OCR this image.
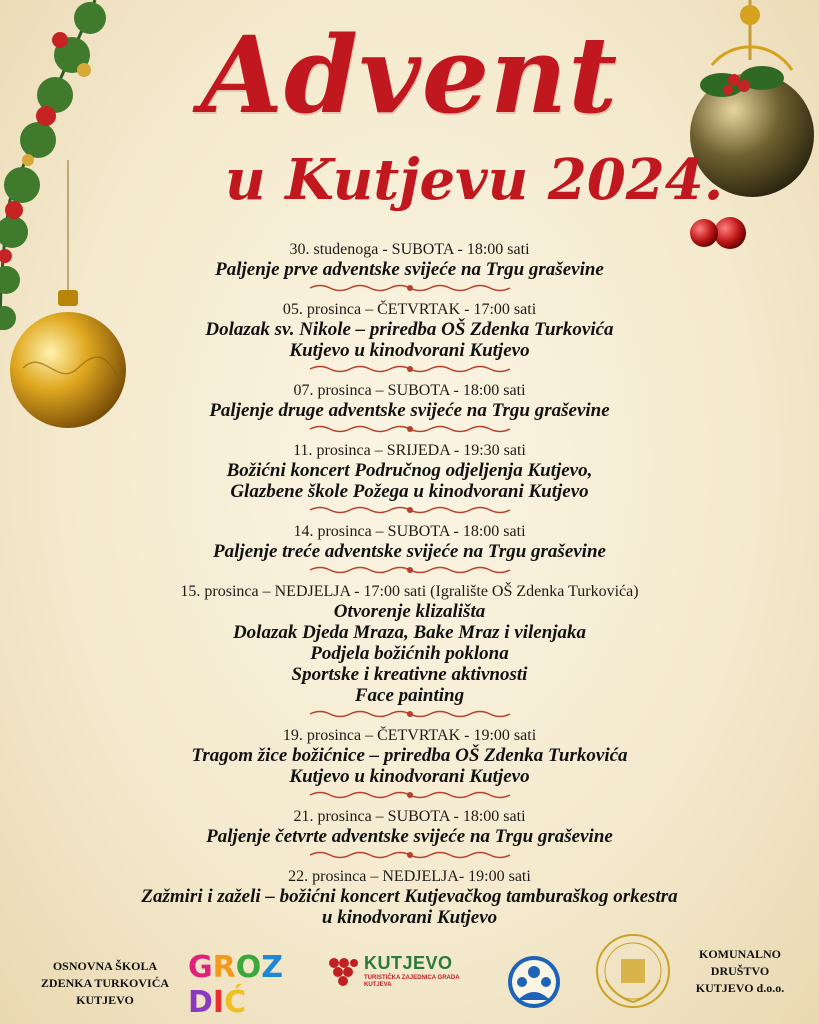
Advent
u Kutjevu 2024.
30. studenoga - SUBOTA - 18:00 sati
Paljenje prve adventske svijeće na Trgu graševine
05. prosinca – ČETVRTAK - 17:00 sati
Dolazak sv. Nikole – priredba OŠ Zdenka Turkovića
Kutjevo u kinodvorani Kutjevo
07. prosinca – SUBOTA - 18:00 sati
Paljenje druge adventske svijeće na Trgu graševine
11. prosinca – SRIJEDA - 19:30 sati
Božićni koncert Područnog odjeljenja Kutjevo,
Glazbene škole Požega u kinodvorani Kutjevo
14. prosinca – SUBOTA - 18:00 sati
Paljenje treće adventske svijeće na Trgu graševine
15. prosinca – NEDJELJA - 17:00 sati (Igralište OŠ Zdenka Turkovića)
Otvorenje klizališta
Dolazak Djeda Mraza, Bake Mraz i vilenjaka
Podjela božićnih poklona
Sportske i kreativne aktivnosti
Face painting
19. prosinca – ČETVRTAK - 19:00 sati
Tragom žice božićnice – priredba OŠ Zdenka Turkovića
Kutjevo u kinodvorani Kutjevo
21. prosinca – SUBOTA - 18:00 sati
Paljenje četvrte adventske svijeće na Trgu graševine
22. prosinca – NEDJELJA- 19:00 sati
Zažmiri i zaželi – božićni koncert Kutjevačkog tamburaškog orkestra
u kinodvorani Kutjevo
OSNOVNA ŠKOLA
ZDENKA TURKOVIĆA
KUTJEVO
GROZDIĆ
KUTJEVO
TURISTIČKA ZAJEDNICA GRADA KUTJEVA
KOMUNALNO
DRUŠTVO
KUTJEVO d.o.o.
